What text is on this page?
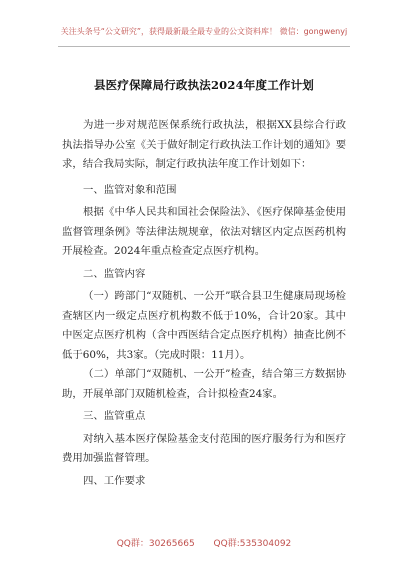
关注头条号“公文研究”，获得最新最全最专业的公文资料库！ 微信：gongwenyj
县医疗保障局行政执法2024年度工作计划

为进一步对规范医保系统行政执法，根据XX县综合行政执法指导办公室《关于做好制定行政执法工作计划的通知》要求，结合我局实际，制定行政执法年度工作计划如下：

一、监管对象和范围

根据《中华人民共和国社会保险法》、《医疗保障基金使用监督管理条例》等法律法规规章，依法对辖区内定点医药机构开展检查。2024年重点检查定点医疗机构。

二、监管内容

（一）跨部门“双随机、一公开”联合县卫生健康局现场检查辖区内一级定点医疗机构数不低于10%，合计20家。其中中医定点医疗机构（含中西医结合定点医疗机构）抽查比例不低于60%，共3家。（完成时限：11月）。

（二）单部门“双随机、一公开”检查，结合第三方数据协助，开展单部门双随机检查，合计拟检查24家。

三、监管重点

对纳入基本医疗保险基金支付范围的医疗服务行为和医疗费用加强监督管理。

四、工作要求

QQ群：30265665 QQ群:535304092
